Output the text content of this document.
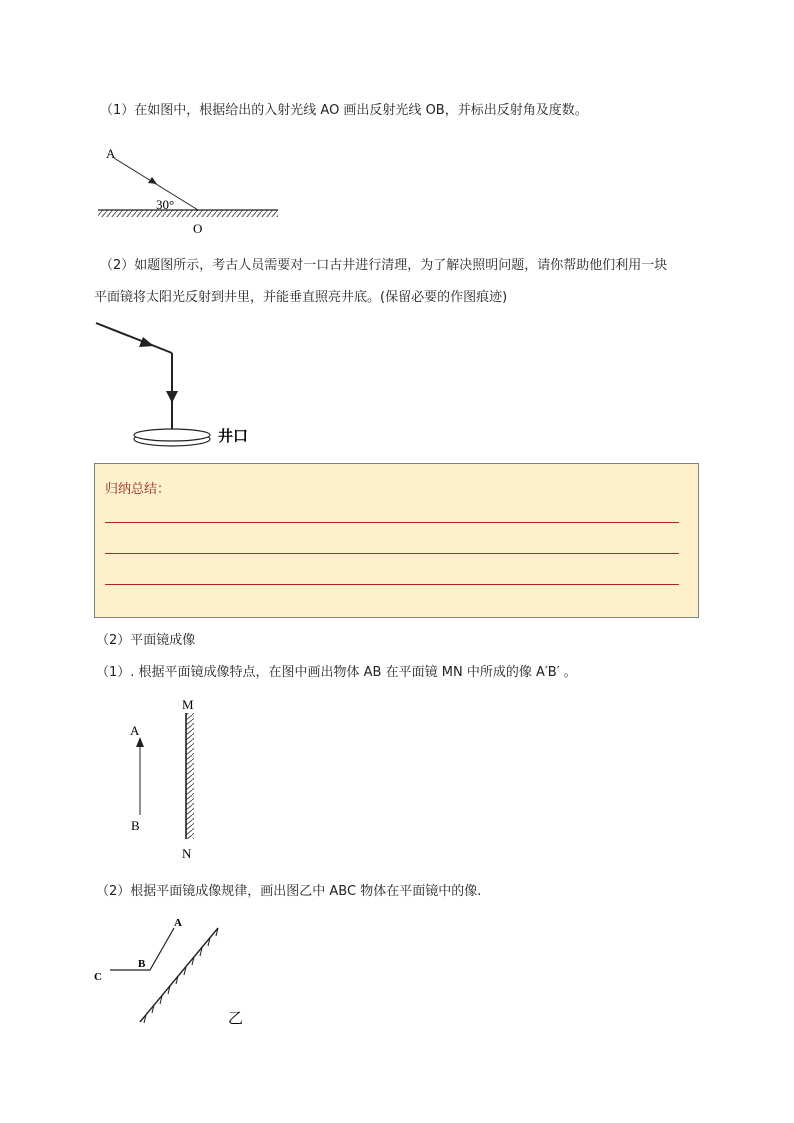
（1）在如图中，根据给出的入射光线 AO 画出反射光线 OB，并标出反射角及度数。
A
30°
O
（2）如题图所示，考古人员需要对一口古井进行清理，为了解决照明问题，请你帮助他们利用一块
平面镜将太阳光反射到井里，并能垂直照亮井底。(保留必要的作图痕迹)
井口
归纳总结：
（2）平面镜成像
（1）. 根据平面镜成像特点，在图中画出物体 AB 在平面镜 MN 中所成的像 A′B′ 。
M
N
A
B
（2）根据平面镜成像规律，画出图乙中 ABC 物体在平面镜中的像.
A
B
C
乙
